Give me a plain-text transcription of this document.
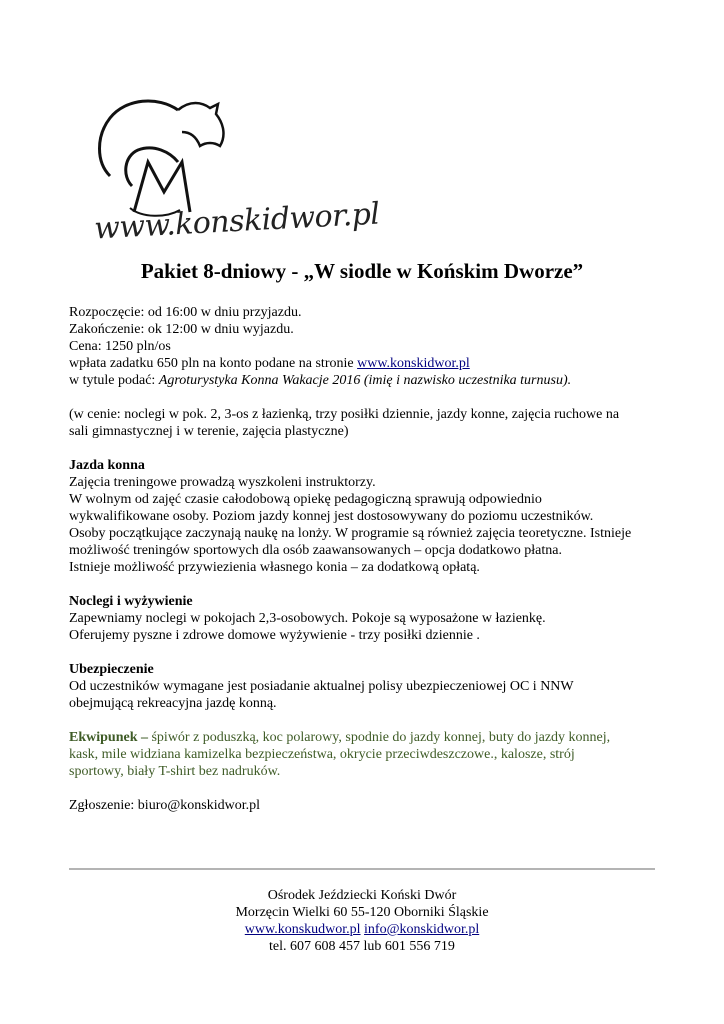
www.konskidwor.pl
Pakiet 8-dniowy - „W siodle w Końskim Dworze”

Rozpoczęcie: od 16:00 w dniu przyjazdu.

Zakończenie: ok 12:00 w dniu wyjazdu.

Cena: 1250 pln/os

wpłata zadatku 650 pln na konto podane na stronie www.konskidwor.pl

w tytule podać: Agroturystyka Konna Wakacje 2016 (imię i nazwisko uczestnika turnusu).

(w cenie: noclegi w pok. 2, 3-os z łazienką, trzy posiłki dziennie, jazdy konne, zajęcia ruchowe na

sali gimnastycznej i w terenie, zajęcia plastyczne)

Jazda konna

Zajęcia treningowe prowadzą wyszkoleni instruktorzy.

W wolnym od zajęć czasie całodobową opiekę pedagogiczną sprawują odpowiednio

wykwalifikowane osoby. Poziom jazdy konnej jest dostosowywany do poziomu uczestników.

Osoby początkujące zaczynają naukę na lonży. W programie są również zajęcia teoretyczne. Istnieje

możliwość treningów sportowych dla osób zaawansowanych – opcja dodatkowo płatna.

Istnieje możliwość przywiezienia własnego konia – za dodatkową opłatą.

Noclegi i wyżywienie

Zapewniamy noclegi w pokojach 2,3-osobowych. Pokoje są wyposażone w łazienkę.

Oferujemy pyszne i zdrowe domowe wyżywienie - trzy posiłki dziennie .

Ubezpieczenie

Od uczestników wymagane jest posiadanie aktualnej polisy ubezpieczeniowej OC i NNW

obejmującą rekreacyjna jazdę konną.

Ekwipunek – śpiwór z poduszką, koc polarowy, spodnie do jazdy konnej, buty do jazdy konnej,

kask, mile widziana kamizelka bezpieczeństwa, okrycie przeciwdeszczowe., kalosze, strój

sportowy, biały T-shirt bez nadruków.

Zgłoszenie: biuro@konskidwor.pl

Ośrodek Jeździecki Koński Dwór

Morzęcin Wielki 60 55-120 Oborniki Śląskie

www.konskudwor.pl info@konskidwor.pl

tel. 607 608 457 lub 601 556 719
